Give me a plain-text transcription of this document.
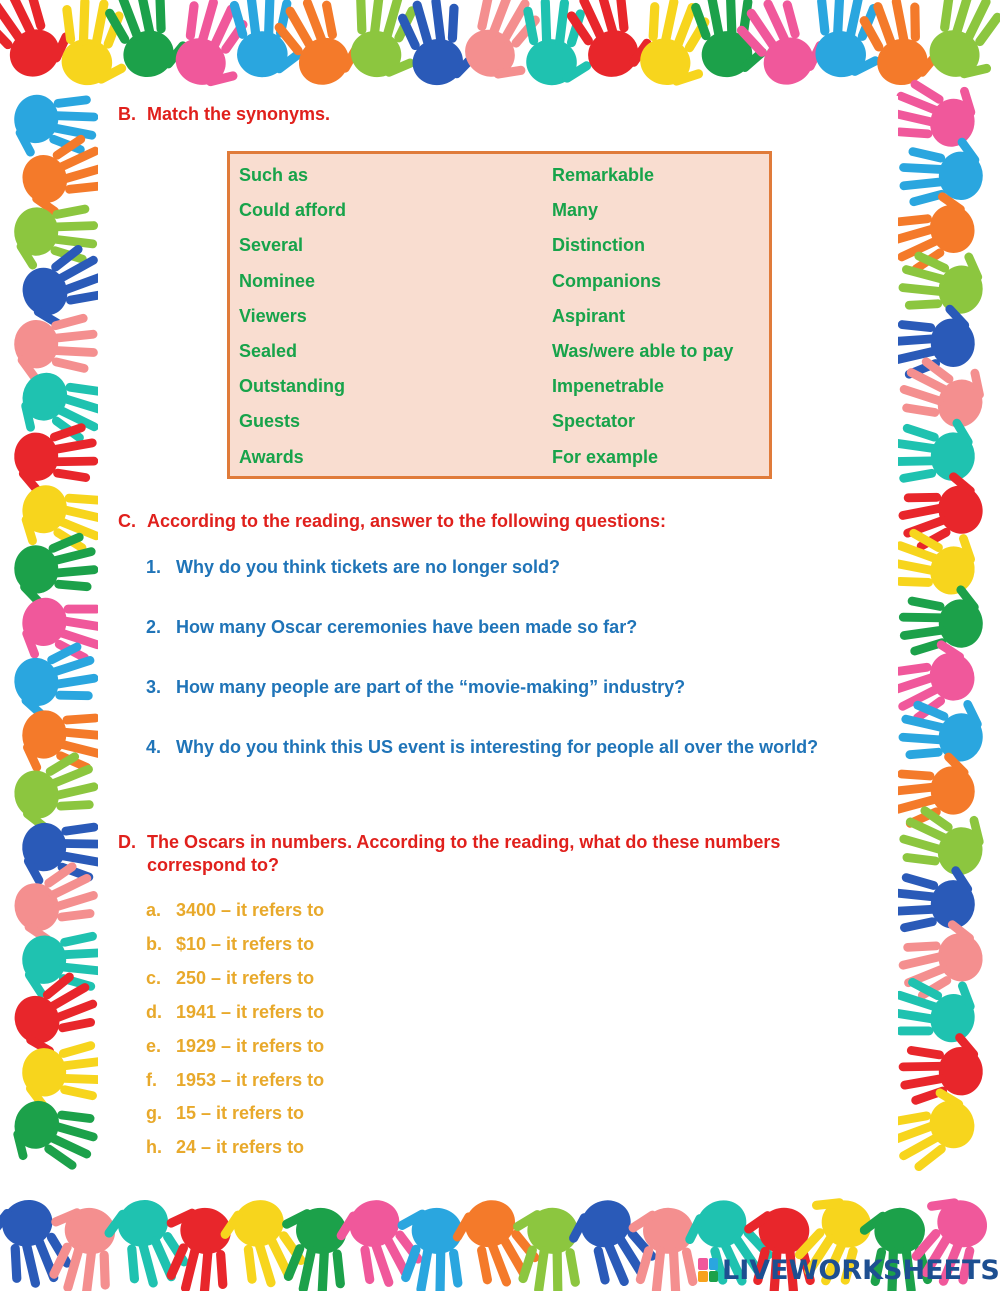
B. Match the synonyms.
Such as
Could afford
Several
Nominee
Viewers
Sealed
Outstanding
Guests
Awards
Remarkable
Many
Distinction
Companions
Aspirant
Was/were able to pay
Impenetrable
Spectator
For example
C. According to the reading, answer to the following questions:
1. Why do you think tickets are no longer sold?
2. How many Oscar ceremonies have been made so far?
3. How many people are part of the “movie-making” industry?
4. Why do you think this US event is interesting for people all over the world?
D. The Oscars in numbers. According to the reading, what do these numbers
correspond to?
a. 3400 – it refers to
b. $10 – it refers to
c. 250 – it refers to
d. 1941 – it refers to
e. 1929 – it refers to
f. 1953 – it refers to
g. 15 – it refers to
h. 24 – it refers to
LIVEWORKSHEETS
